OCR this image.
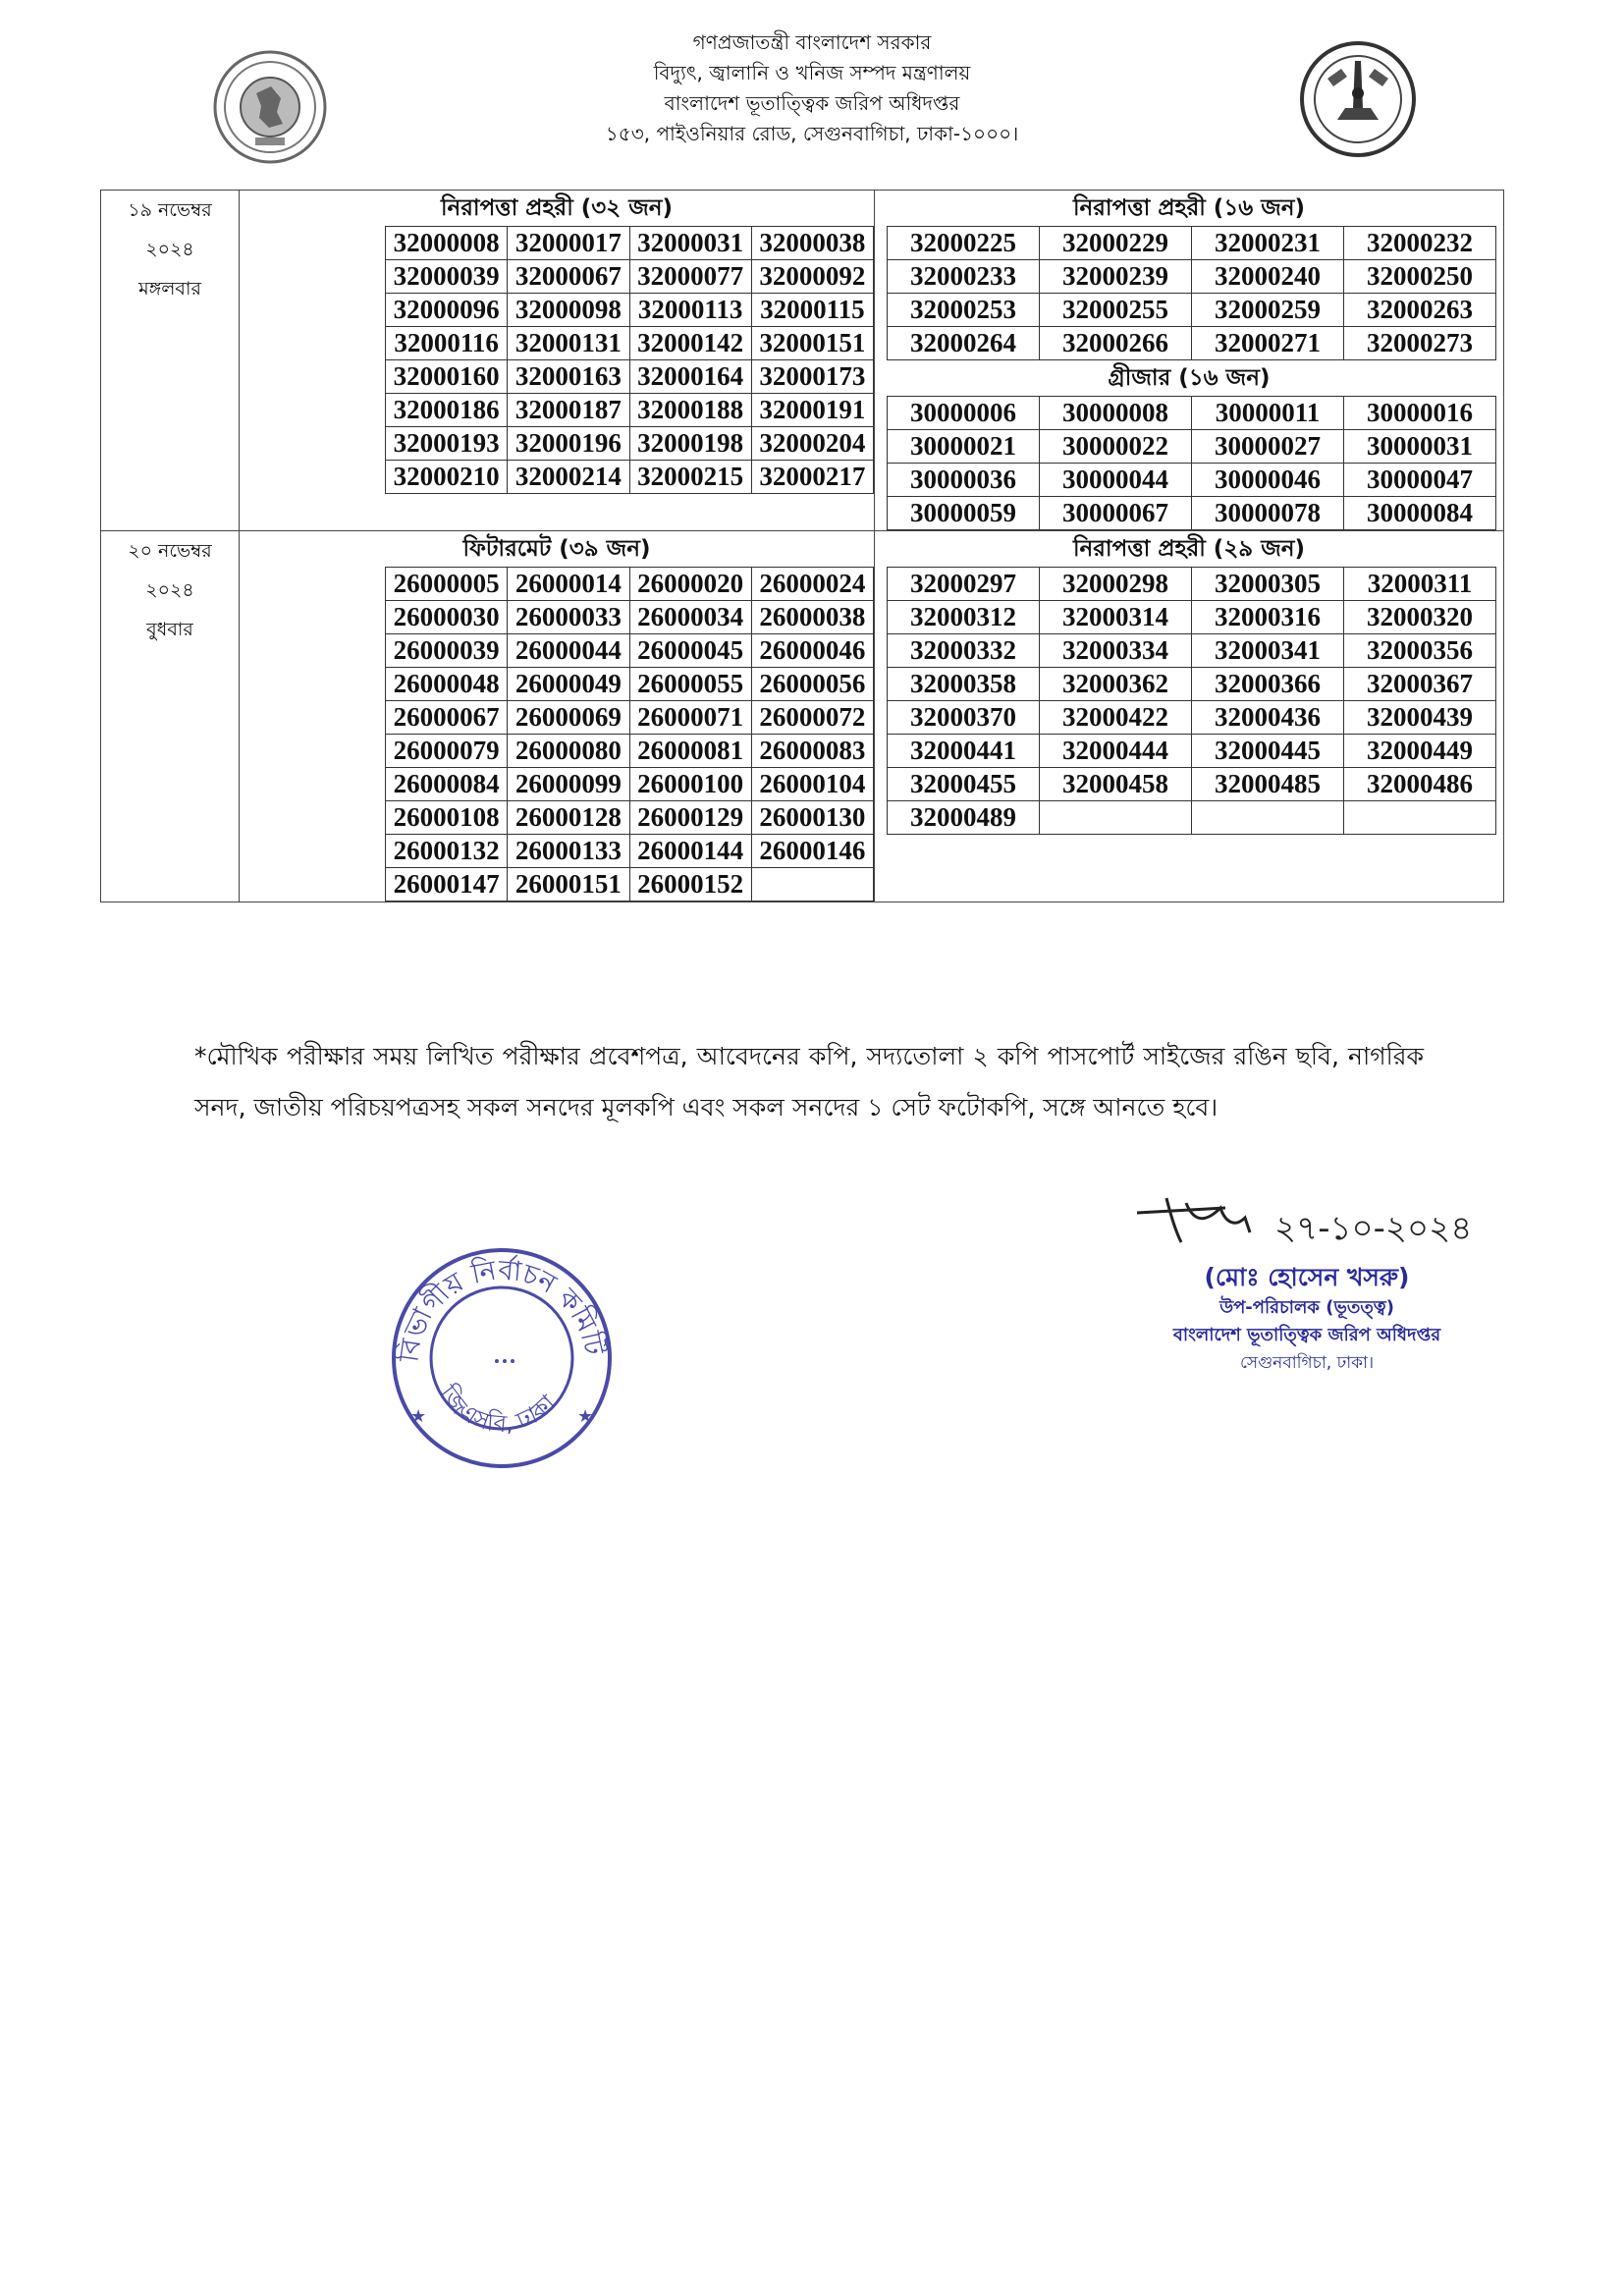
গণপ্রজাতন্ত্রী বাংলাদেশ সরকার
বিদ্যুৎ, জ্বালানি ও খনিজ সম্পদ মন্ত্রণালয়
বাংলাদেশ ভূতাত্ত্বিক জরিপ অধিদপ্তর
১৫৩, পাইওনিয়ার রোড, সেগুনবাগিচা, ঢাকা-১০০০।
১৯ নভেম্বর
২০২৪
মঙ্গলবার

নিরাপত্তা প্রহরী (৩২ জন)
32000008	32000017	32000031	32000038
32000039	32000067	32000077	32000092
32000096	32000098	32000113	32000115
32000116	32000131	32000142	32000151
32000160	32000163	32000164	32000173
32000186	32000187	32000188	32000191
32000193	32000196	32000198	32000204
32000210	32000214	32000215	32000217

নিরাপত্তা প্রহরী (১৬ জন)
32000225	32000229	32000231	32000232
32000233	32000239	32000240	32000250
32000253	32000255	32000259	32000263
32000264	32000266	32000271	32000273
গ্রীজার (১৬ জন)
30000006	30000008	30000011	30000016
30000021	30000022	30000027	30000031
30000036	30000044	30000046	30000047
30000059	30000067	30000078	30000084

২০ নভেম্বর
২০২৪
বুধবার

ফিটারমেট (৩৯ জন)
26000005	26000014	26000020	26000024
26000030	26000033	26000034	26000038
26000039	26000044	26000045	26000046
26000048	26000049	26000055	26000056
26000067	26000069	26000071	26000072
26000079	26000080	26000081	26000083
26000084	26000099	26000100	26000104
26000108	26000128	26000129	26000130
26000132	26000133	26000144	26000146
26000147	26000151	26000152	

নিরাপত্তা প্রহরী (২৯ জন)
32000297	32000298	32000305	32000311
32000312	32000314	32000316	32000320
32000332	32000334	32000341	32000356
32000358	32000362	32000366	32000367
32000370	32000422	32000436	32000439
32000441	32000444	32000445	32000449
32000455	32000458	32000485	32000486
32000489			
*মৌখিক পরীক্ষার সময় লিখিত পরীক্ষার প্রবেশপত্র, আবেদনের কপি, সদ্যতোলা ২ কপি পাসপোর্ট সাইজের রঙিন ছবি, নাগরিক সনদ, জাতীয় পরিচয়পত্রসহ সকল সনদের মূলকপি এবং সকল সনদের ১ সেট ফটোকপি, সঙ্গে আনতে হবে।
২৭-১০-২০২৪
(মোঃ হোসেন খসরু)
উপ-পরিচালক (ভূতত্ত্ব)
বাংলাদেশ ভূতাত্ত্বিক জরিপ অধিদপ্তর
সেগুনবাগিচা, ঢাকা।
বিভাগীয় নির্বাচন কমিটি
জিএসবি, ঢাকা
★	★
